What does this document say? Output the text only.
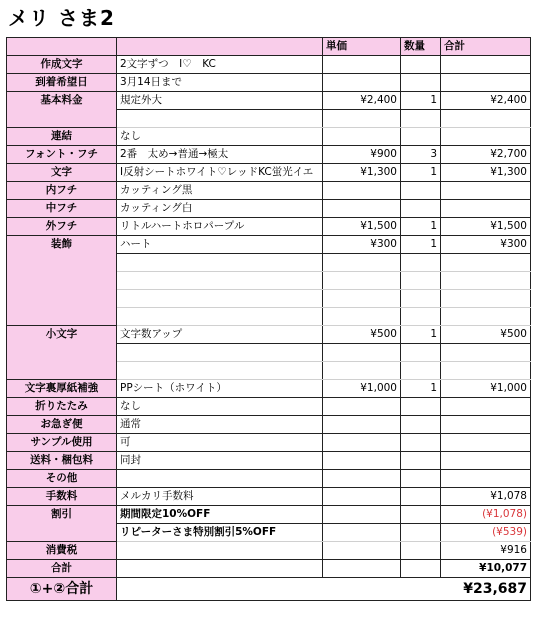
メリ さま2
		単価	数量	合計
作成文字	2文字ずつ　I♡　KC			
到着希望日	3月14日まで			
基本料金	規定外大	¥2,400	1	¥2,400

連結	なし			
フォント・フチ	2番　太め→普通→極太	¥900	3	¥2,700
文字	I反射シートホワイト♡レッドKC蛍光イエ	¥1,300	1	¥1,300
内フチ	カッティング黒			
中フチ	カッティング白			
外フチ	リトルハートホロパープル	¥1,500	1	¥1,500
装飾	ハート	¥300	1	¥300

小文字	文字数アップ	¥500	1	¥500

文字裏厚紙補強	PPシート（ホワイト）	¥1,000	1	¥1,000
折りたたみ	なし			
お急ぎ便	通常			
サンプル使用	可			
送料・梱包料	同封			
その他				
手数料	メルカリ手数料			¥1,078
割引	期間限定10%OFF			(¥1,078)
	リピーターさま特別割引5%OFF			(¥539)
消費税				¥916
合計				¥10,077
①+②合計	¥23,687			
